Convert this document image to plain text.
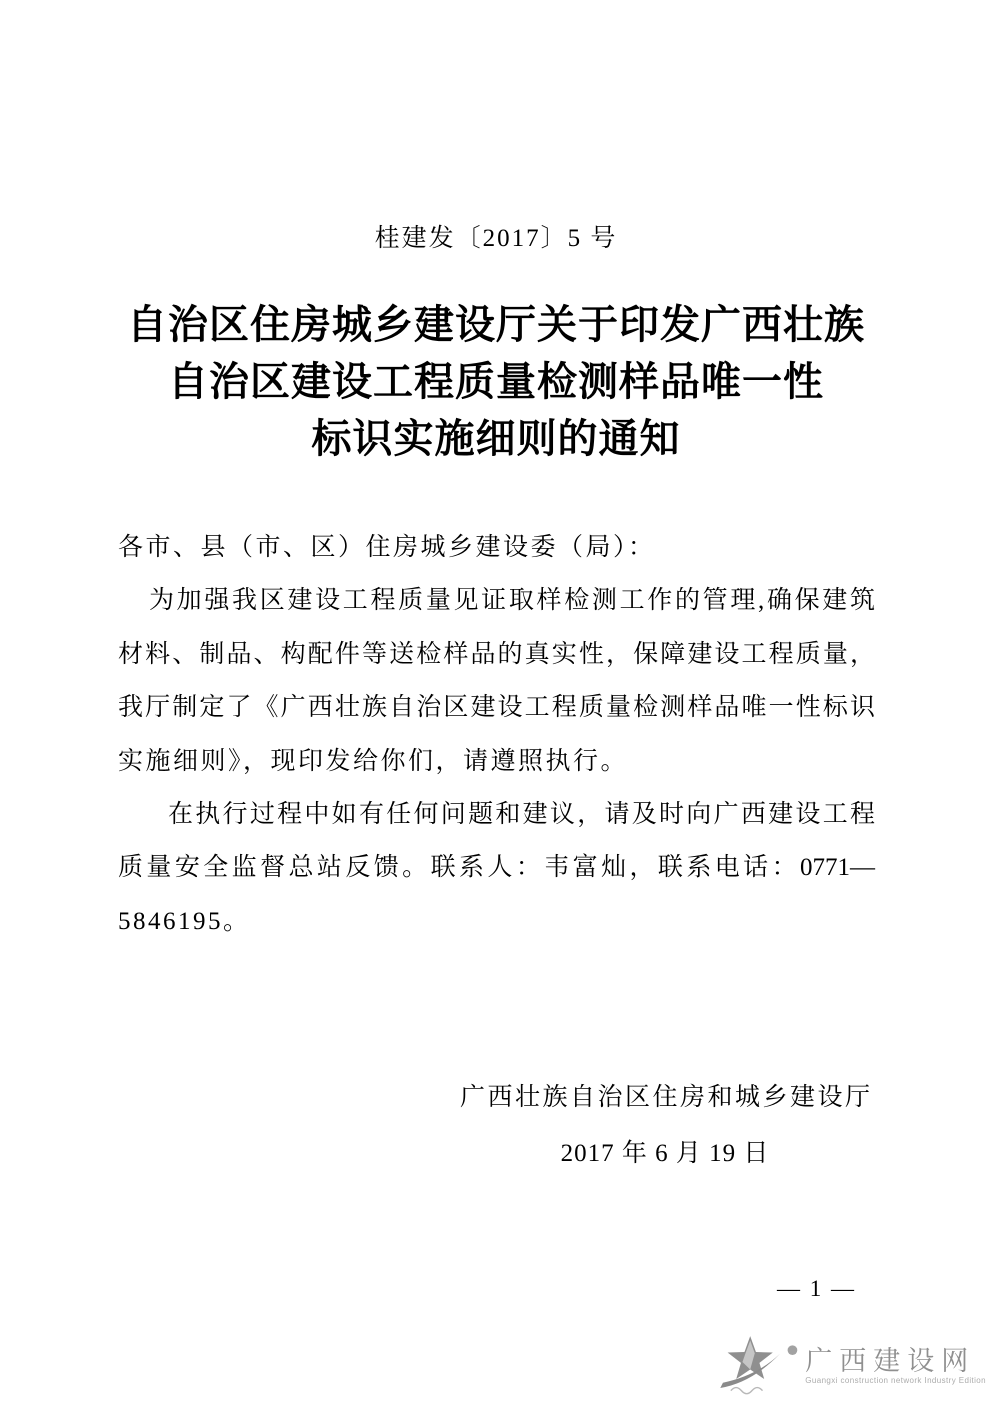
桂建发〔2017〕5 号
自治区住房城乡建设厅关于印发广西壮族
自治区建设工程质量检测样品唯一性
标识实施细则的通知
各市、县（市、区）住房城乡建设委（局）：
为加强我区建设工程质量见证取样检测工作的管理,确保建筑
材料、制品、构配件等送检样品的真实性，保障建设工程质量，
我厅制定了《广西壮族自治区建设工程质量检测样品唯一性标识
实施细则》，现印发给你们，请遵照执行。
在执行过程中如有任何问题和建议，请及时向广西建设工程
质量安全监督总站反馈。联系人：韦富灿，联系电话：0771—
5846195。
广西壮族自治区住房和城乡建设厅
2017 年 6 月 19 日
— 1 —
广西建设网
Guangxi construction network Industry Edition
